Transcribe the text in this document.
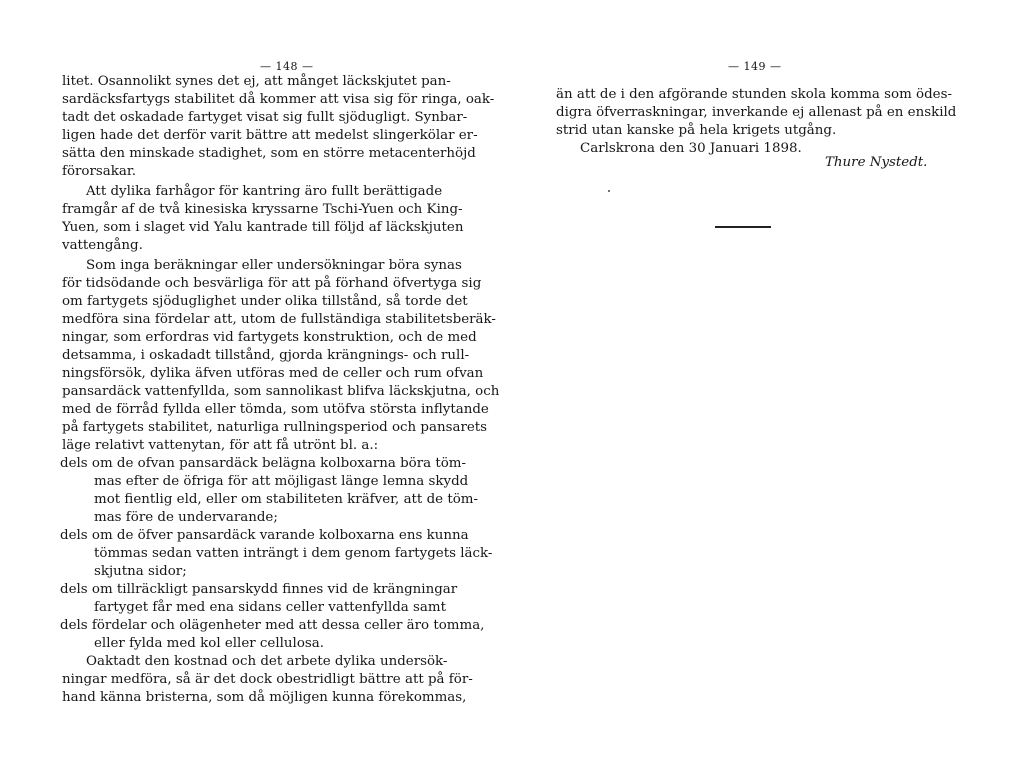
— 148 —
litet. Osannolikt synes det ej, att månget läckskjutet pan-
sardäcksfartygs stabilitet då kommer att visa sig för ringa, oak-
tadt det oskadade fartyget visat sig fullt sjödugligt. Synbar-
ligen hade det derför varit bättre att medelst slingerkölar er-
sätta den minskade stadighet, som en större metacenterhöjd
förorsakar.
Att dylika farhågor för kantring äro fullt berättigade
framgår af de två kinesiska kryssarne Tschi-Yuen och King-
Yuen, som i slaget vid Yalu kantrade till följd af läckskjuten
vattengång.
Som inga beräkningar eller undersökningar böra synas
för tidsödande och besvärliga för att på förhand öfvertyga sig
om fartygets sjöduglighet under olika tillstånd, så torde det
medföra sina fördelar att, utom de fullständiga stabilitetsberäk-
ningar, som erfordras vid fartygets konstruktion, och de med
detsamma, i oskadadt tillstånd, gjorda krängnings- och rull-
ningsförsök, dylika äfven utföras med de celler och rum ofvan
pansardäck vattenfyllda, som sannolikast blifva läckskjutna, och
med de förråd fyllda eller tömda, som utöfva största inflytande
på fartygets stabilitet, naturliga rullningsperiod och pansarets
läge relativt vattenytan, för att få utrönt bl. a.:
dels om de ofvan pansardäck belägna kolboxarna böra töm-
mas efter de öfriga för att möjligast länge lemna skydd
mot fientlig eld, eller om stabiliteten kräfver, att de töm-
mas före de undervarande;
dels om de öfver pansardäck varande kolboxarna ens kunna
tömmas sedan vatten inträngt i dem genom fartygets läck-
skjutna sidor;
dels om tillräckligt pansarskydd finnes vid de krängningar
fartyget får med ena sidans celler vattenfyllda samt
dels fördelar och olägenheter med att dessa celler äro tomma,
eller fylda med kol eller cellulosa.
Oaktadt den kostnad och det arbete dylika undersök-
ningar medföra, så är det dock obestridligt bättre att på för-
hand känna bristerna, som då möjligen kunna förekommas,
— 149 —
än att de i den afgörande stunden skola komma som ödes-
digra öfverraskningar, inverkande ej allenast på en enskild
strid utan kanske på hela krigets utgång.
Carlskrona den 30 Januari 1898.
Thure Nystedt.
